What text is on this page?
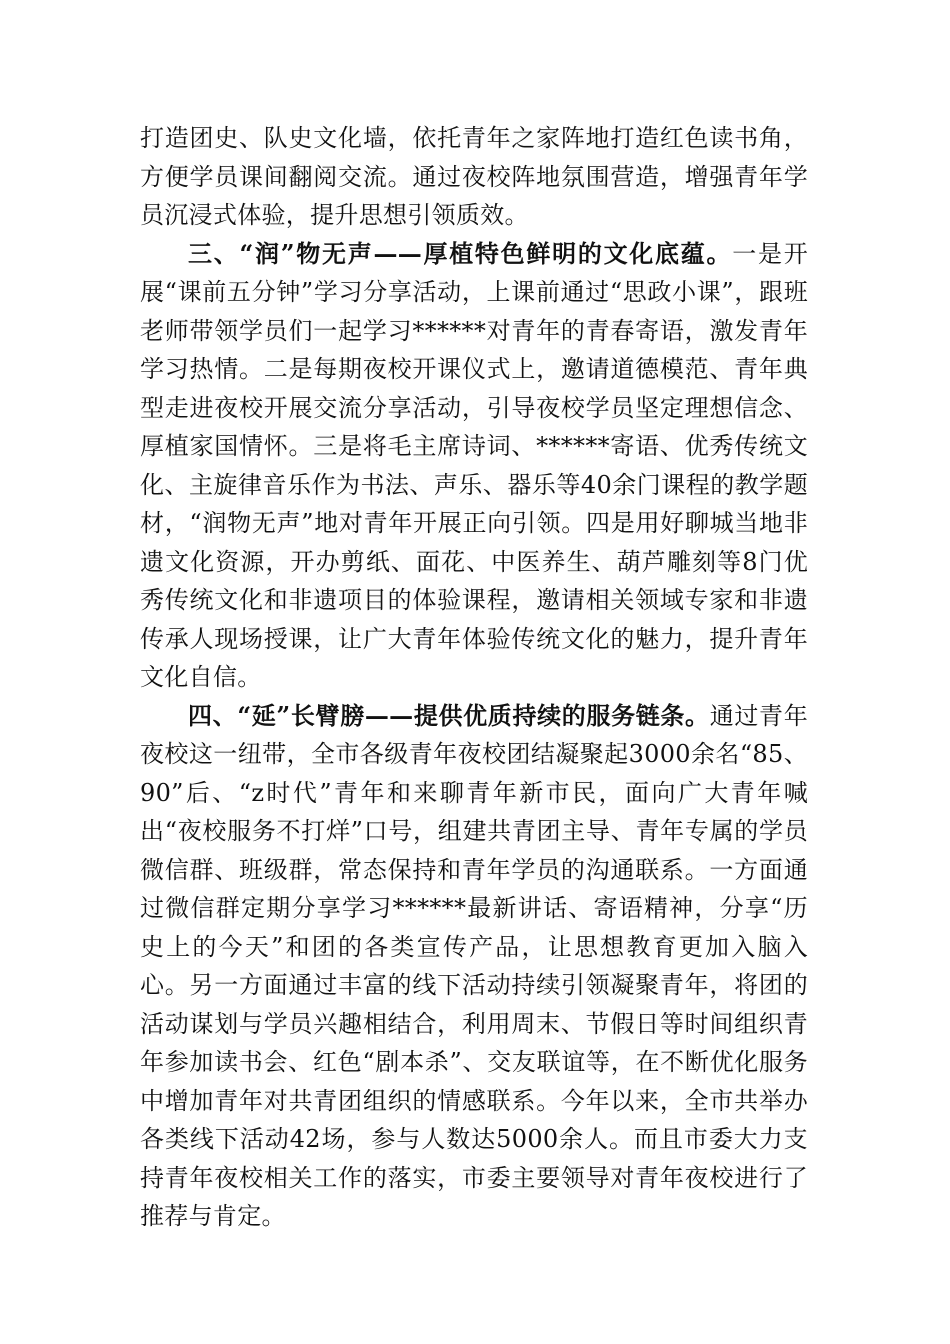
打造团史、队史文化墙，依托青年之家阵地打造红色读书角，方便学员课间翻阅交流。通过夜校阵地氛围营造，增强青年学员沉浸式体验，提升思想引领质效。

三、“润”物无声——厚植特色鲜明的文化底蕴。一是开展“课前五分钟”学习分享活动，上课前通过“思政小课”，跟班老师带领学员们一起学习******对青年的青春寄语，激发青年学习热情。二是每期夜校开课仪式上，邀请道德模范、青年典型走进夜校开展交流分享活动，引导夜校学员坚定理想信念、厚植家国情怀。三是将毛主席诗词、******寄语、优秀传统文化、主旋律音乐作为书法、声乐、器乐等40余门课程的教学题材，“润物无声”地对青年开展正向引领。四是用好聊城当地非遗文化资源，开办剪纸、面花、中医养生、葫芦雕刻等8门优秀传统文化和非遗项目的体验课程，邀请相关领域专家和非遗传承人现场授课，让广大青年体验传统文化的魅力，提升青年文化自信。

四、“延”长臂膀——提供优质持续的服务链条。通过青年夜校这一纽带，全市各级青年夜校团结凝聚起3000余名“85、90”后、“z时代”青年和来聊青年新市民，面向广大青年喊出“夜校服务不打烊”口号，组建共青团主导、青年专属的学员微信群、班级群，常态保持和青年学员的沟通联系。一方面通过微信群定期分享学习******最新讲话、寄语精神，分享“历史上的今天”和团的各类宣传产品，让思想教育更加入脑入心。另一方面通过丰富的线下活动持续引领凝聚青年，将团的活动谋划与学员兴趣相结合，利用周末、节假日等时间组织青年参加读书会、红色“剧本杀”、交友联谊等，在不断优化服务中增加青年对共青团组织的情感联系。今年以来，全市共举办各类线下活动42场，参与人数达5000余人。而且市委大力支持青年夜校相关工作的落实，市委主要领导对青年夜校进行了推荐与肯定。
